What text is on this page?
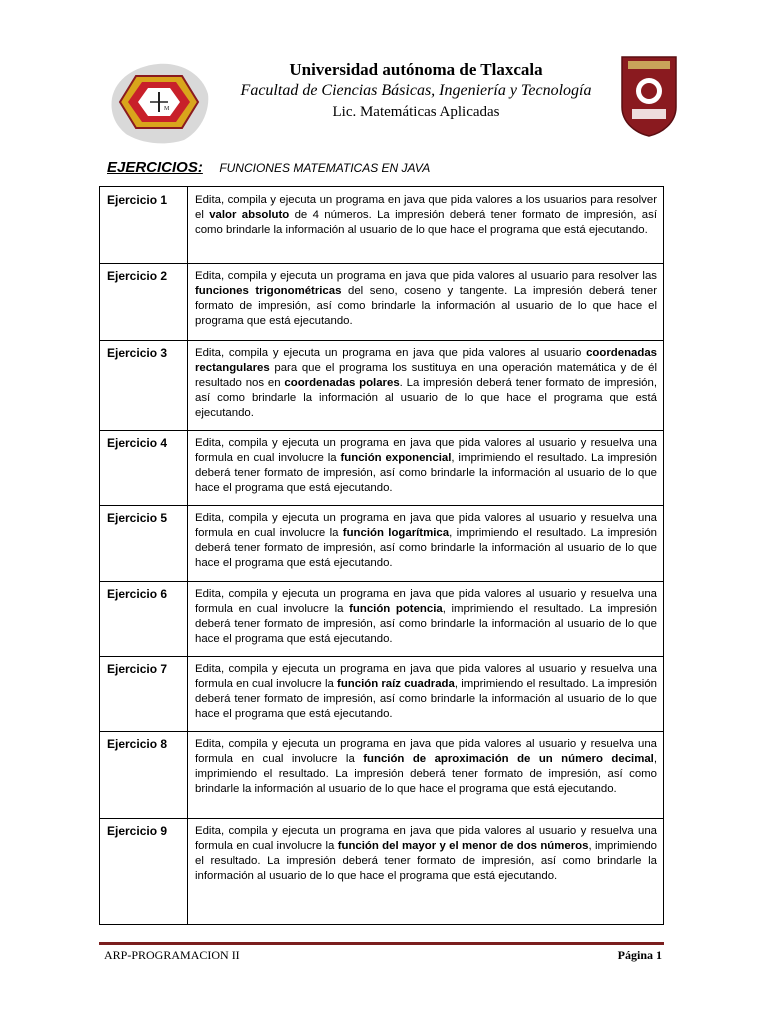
M
Universidad autónoma de Tlaxcala
Facultad de Ciencias Básicas, Ingeniería y Tecnología
Lic. Matemáticas Aplicadas
EJERCICIOS: FUNCIONES MATEMATICAS EN JAVA
Ejercicio 1 Edita, compila y ejecuta un programa en java que pida valores a los usuarios para resolver el valor absoluto de 4 números. La impresión deberá tener formato de impresión, así como brindarle la información al usuario de lo que hace el programa que está ejecutando.
Ejercicio 2 Edita, compila y ejecuta un programa en java que pida valores al usuario para resolver las funciones trigonométricas del seno, coseno y tangente. La impresión deberá tener formato de impresión, así como brindarle la información al usuario de lo que hace el programa que está ejecutando.
Ejercicio 3 Edita, compila y ejecuta un programa en java que pida valores al usuario coordenadas rectangulares para que el programa los sustituya en una operación matemática y de él resultado nos en coordenadas polares. La impresión deberá tener formato de impresión, así como brindarle la información al usuario de lo que hace el programa que está ejecutando.
Ejercicio 4 Edita, compila y ejecuta un programa en java que pida valores al usuario y resuelva una formula en cual involucre la función exponencial, imprimiendo el resultado. La impresión deberá tener formato de impresión, así como brindarle la información al usuario de lo que hace el programa que está ejecutando.
Ejercicio 5 Edita, compila y ejecuta un programa en java que pida valores al usuario y resuelva una formula en cual involucre la función logarítmica, imprimiendo el resultado. La impresión deberá tener formato de impresión, así como brindarle la información al usuario de lo que hace el programa que está ejecutando.
Ejercicio 6 Edita, compila y ejecuta un programa en java que pida valores al usuario y resuelva una formula en cual involucre la función potencia, imprimiendo el resultado. La impresión deberá tener formato de impresión, así como brindarle la información al usuario de lo que hace el programa que está ejecutando.
Ejercicio 7 Edita, compila y ejecuta un programa en java que pida valores al usuario y resuelva una formula en cual involucre la función raíz cuadrada, imprimiendo el resultado. La impresión deberá tener formato de impresión, así como brindarle la información al usuario de lo que hace el programa que está ejecutando.
Ejercicio 8 Edita, compila y ejecuta un programa en java que pida valores al usuario y resuelva una formula en cual involucre la función de aproximación de un número decimal, imprimiendo el resultado. La impresión deberá tener formato de impresión, así como brindarle la información al usuario de lo que hace el programa que está ejecutando.
Ejercicio 9 Edita, compila y ejecuta un programa en java que pida valores al usuario y resuelva una formula en cual involucre la función del mayor y el menor de dos números, imprimiendo el resultado. La impresión deberá tener formato de impresión, así como brindarle la información al usuario de lo que hace el programa que está ejecutando.
ARP-PROGRAMACION II	Página 1
